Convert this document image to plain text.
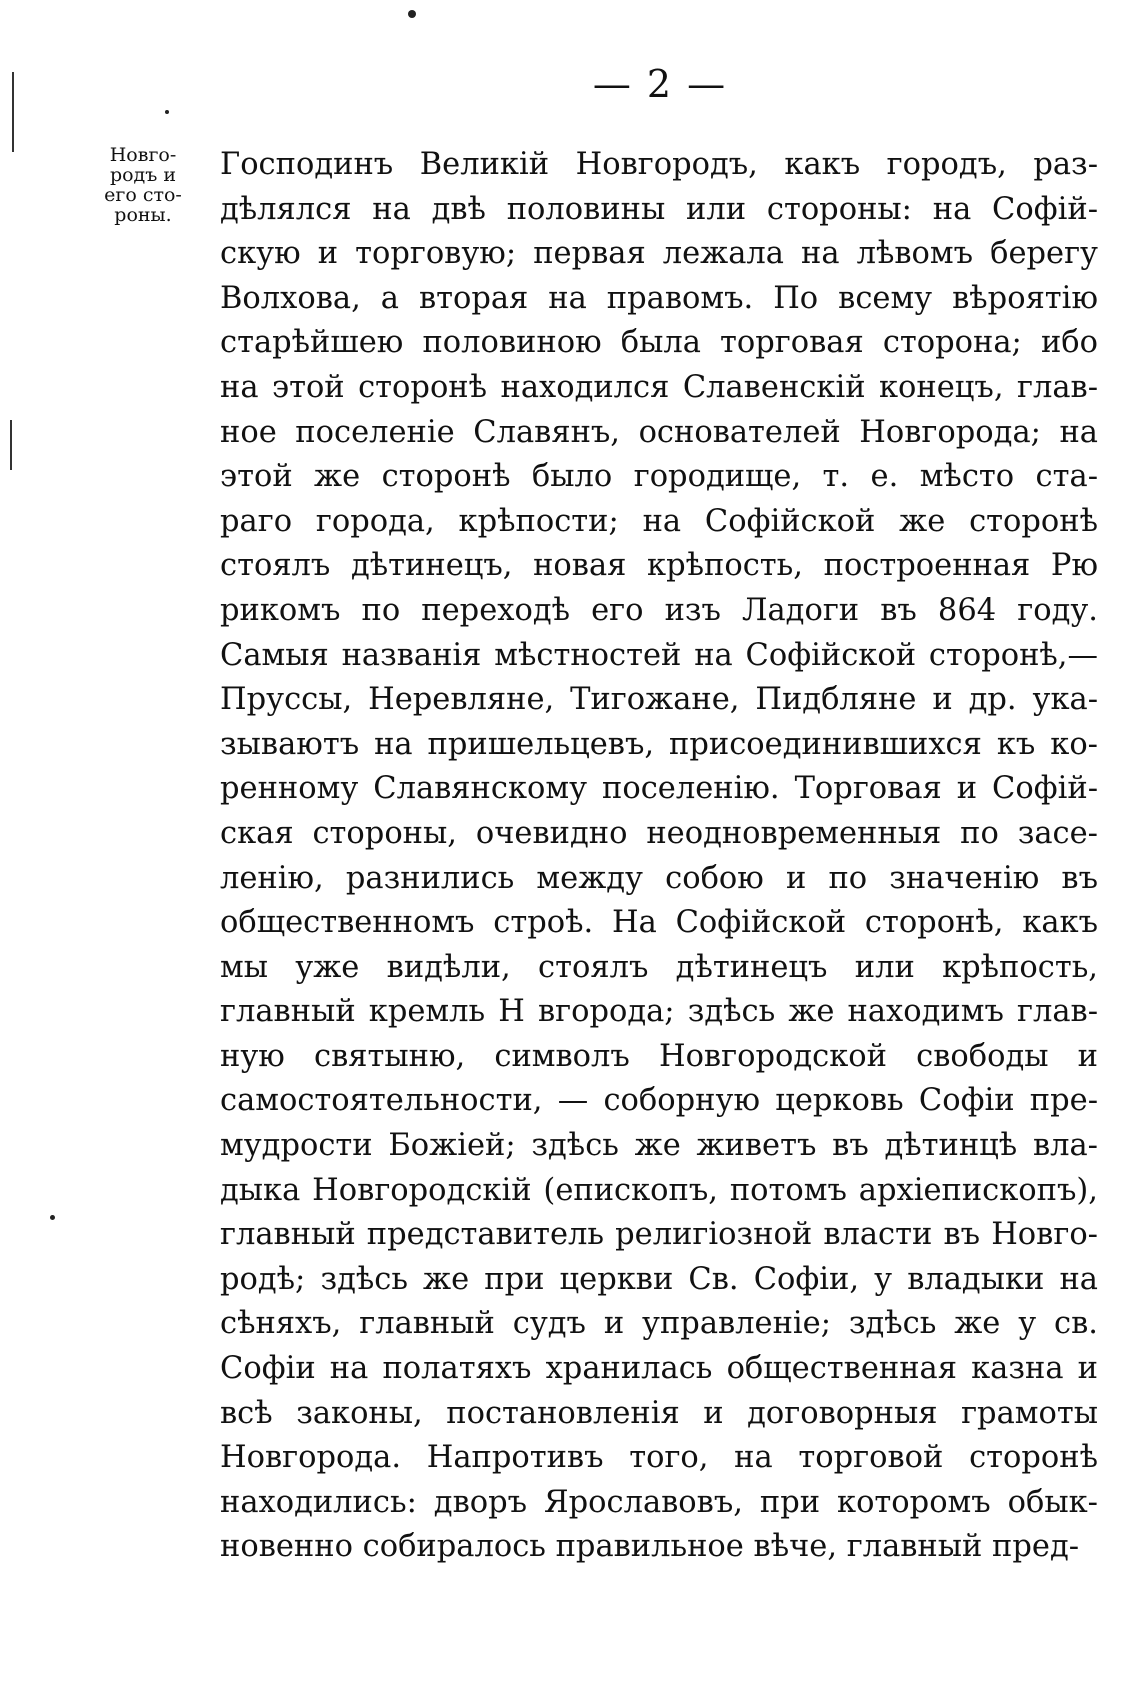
— 2 —
Новго-
родъ и
его сто-
роны.
Господинъ Великій Новгородъ, какъ городъ, раз-
дѣлялся на двѣ половины или стороны: на Софій-
скую и торговую; первая лежала на лѣвомъ берегу
Волхова, а вторая на правомъ. По всему вѣроятію
старѣйшею половиною была торговая сторона; ибо
на этой сторонѣ находился Славенскій конецъ, глав-
ное поселеніе Славянъ, основателей Новгорода; на
этой же сторонѣ было городище, т. е. мѣсто ста-
раго города, крѣпости; на Софійской же сторонѣ
стоялъ дѣтинецъ, новая крѣпость, построенная Рю
рикомъ по переходѣ его изъ Ладоги въ 864 году.
Самыя названія мѣстностей на Софійской сторонѣ,—
Пруссы, Неревляне, Тигожане, Пидбляне и др. ука-
зываютъ на пришельцевъ, присоединившихся къ ко-
ренному Славянскому поселенію. Торговая и Софій-
ская стороны, очевидно неодновременныя по засе-
ленію, разнились между собою и по значенію въ
общественномъ строѣ. На Софійской сторонѣ, какъ
мы уже видѣли, стоялъ дѣтинецъ или крѣпость,
главный кремль Н вгорода; здѣсь же находимъ глав-
ную святыню, символъ Новгородской свободы и
самостоятельности, — соборную церковь Софіи пре-
мудрости Божіей; здѣсь же живетъ въ дѣтинцѣ вла-
дыка Новгородскій (епископъ, потомъ архіепископъ),
главный представитель религіозной власти въ Новго-
родѣ; здѣсь же при церкви Св. Софіи, у владыки на
сѣняхъ, главный судъ и управленіе; здѣсь же у св.
Софіи на полатяхъ хранилась общественная казна и
всѣ законы, постановленія и договорныя грамоты
Новгорода. Напротивъ того, на торговой сторонѣ
находились: дворъ Ярославовъ, при которомъ обык-
новенно собиралось правильное вѣче, главный пред-
